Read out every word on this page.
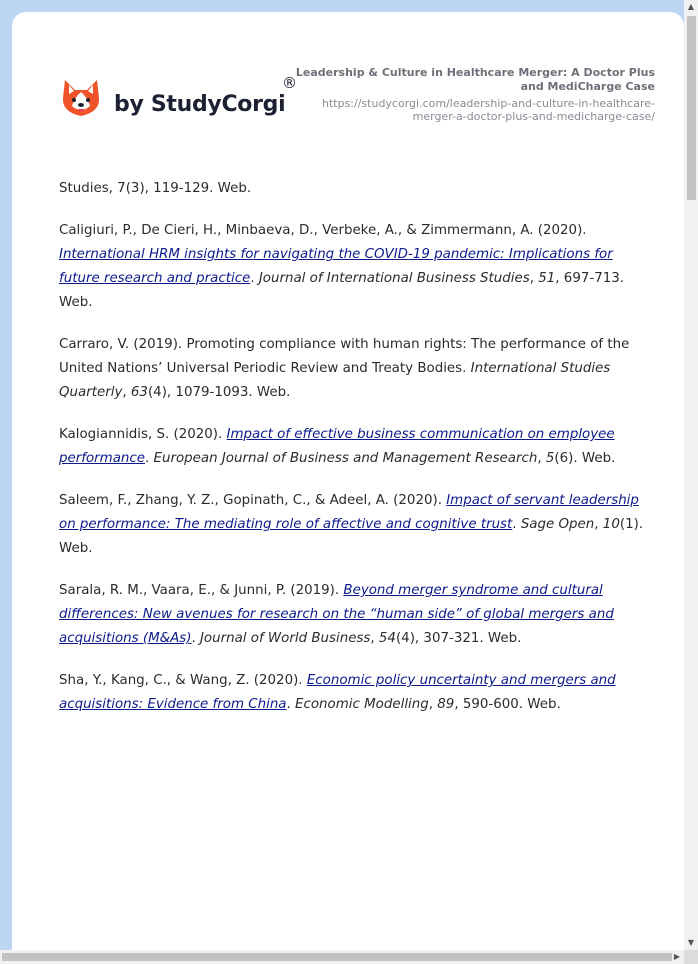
by StudyCorgi
®
Leadership & Culture in Healthcare Merger: A Doctor Plus and MediCharge Case
https://studycorgi.com/leadership-and-culture-in-healthcare-merger-a-doctor-plus-and-medicharge-case/

Studies, 7(3), 119-129. Web.

Caligiuri, P., De Cieri, H., Minbaeva, D., Verbeke, A., & Zimmermann, A. (2020). International HRM insights for navigating the COVID-19 pandemic: Implications for future research and practice. Journal of International Business Studies, 51, 697-713. Web.

Carraro, V. (2019). Promoting compliance with human rights: The performance of the United Nations’ Universal Periodic Review and Treaty Bodies. International Studies Quarterly, 63(4), 1079-1093. Web.

Kalogiannidis, S. (2020). Impact of effective business communication on employee performance. European Journal of Business and Management Research, 5(6). Web.

Saleem, F., Zhang, Y. Z., Gopinath, C., & Adeel, A. (2020). Impact of servant leadership on performance: The mediating role of affective and cognitive trust. Sage Open, 10(1). Web.

Sarala, R. M., Vaara, E., & Junni, P. (2019). Beyond merger syndrome and cultural differences: New avenues for research on the “human side” of global mergers and acquisitions (M&As). Journal of World Business, 54(4), 307-321. Web.

Sha, Y., Kang, C., & Wang, Z. (2020). Economic policy uncertainty and mergers and acquisitions: Evidence from China. Economic Modelling, 89, 590-600. Web.

▲
▼
▶
